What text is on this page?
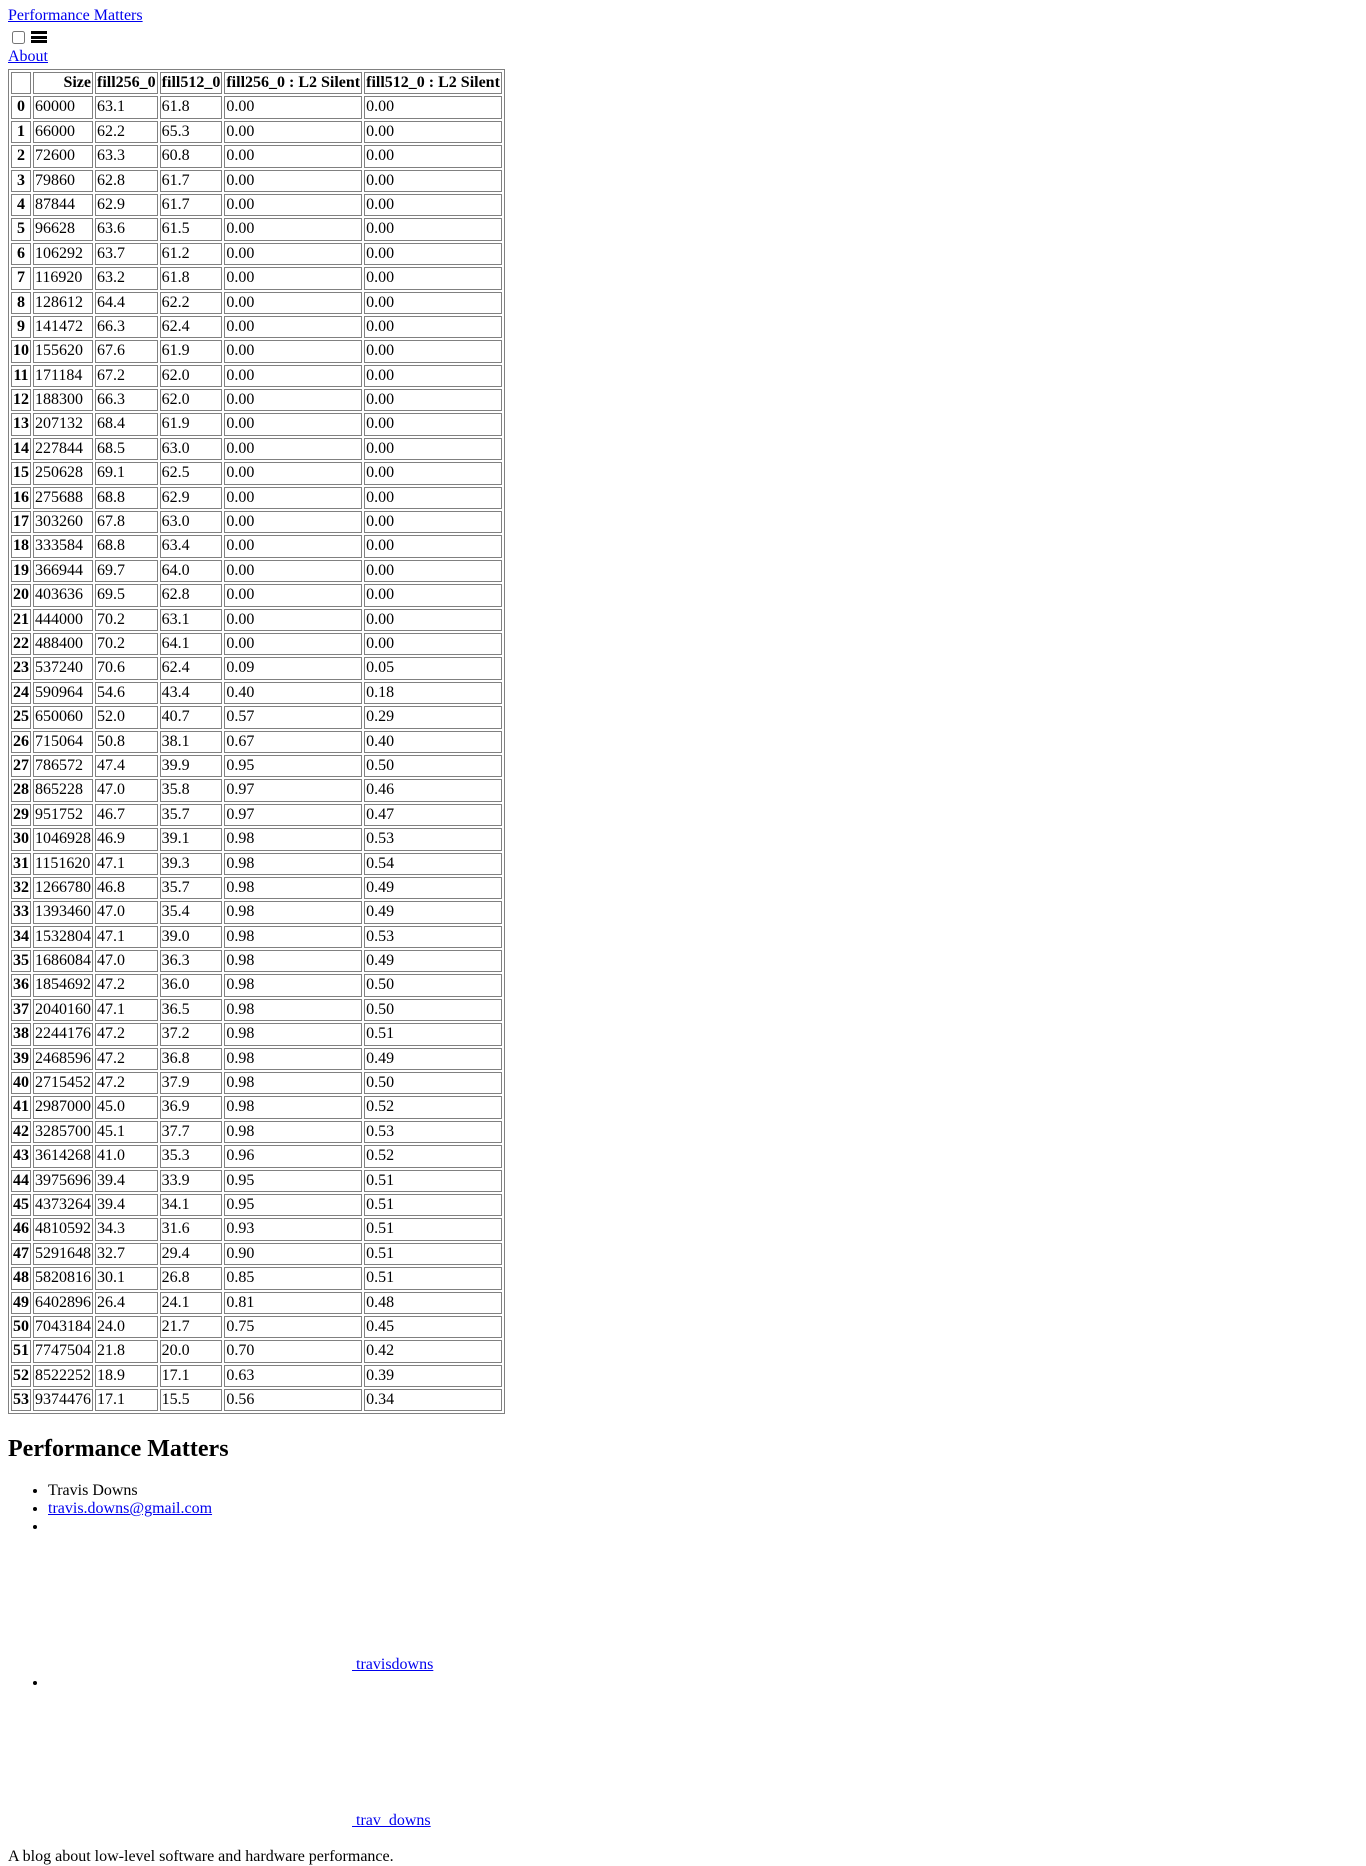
Performance Matters
About
	Size	fill256_0	fill512_0	fill256_0 : L2 Silent	fill512_0 : L2 Silent
0	60000	63.1	61.8	0.00	0.00
1	66000	62.2	65.3	0.00	0.00
2	72600	63.3	60.8	0.00	0.00
3	79860	62.8	61.7	0.00	0.00
4	87844	62.9	61.7	0.00	0.00
5	96628	63.6	61.5	0.00	0.00
6	106292	63.7	61.2	0.00	0.00
7	116920	63.2	61.8	0.00	0.00
8	128612	64.4	62.2	0.00	0.00
9	141472	66.3	62.4	0.00	0.00
10	155620	67.6	61.9	0.00	0.00
11	171184	67.2	62.0	0.00	0.00
12	188300	66.3	62.0	0.00	0.00
13	207132	68.4	61.9	0.00	0.00
14	227844	68.5	63.0	0.00	0.00
15	250628	69.1	62.5	0.00	0.00
16	275688	68.8	62.9	0.00	0.00
17	303260	67.8	63.0	0.00	0.00
18	333584	68.8	63.4	0.00	0.00
19	366944	69.7	64.0	0.00	0.00
20	403636	69.5	62.8	0.00	0.00
21	444000	70.2	63.1	0.00	0.00
22	488400	70.2	64.1	0.00	0.00
23	537240	70.6	62.4	0.09	0.05
24	590964	54.6	43.4	0.40	0.18
25	650060	52.0	40.7	0.57	0.29
26	715064	50.8	38.1	0.67	0.40
27	786572	47.4	39.9	0.95	0.50
28	865228	47.0	35.8	0.97	0.46
29	951752	46.7	35.7	0.97	0.47
30	1046928	46.9	39.1	0.98	0.53
31	1151620	47.1	39.3	0.98	0.54
32	1266780	46.8	35.7	0.98	0.49
33	1393460	47.0	35.4	0.98	0.49
34	1532804	47.1	39.0	0.98	0.53
35	1686084	47.0	36.3	0.98	0.49
36	1854692	47.2	36.0	0.98	0.50
37	2040160	47.1	36.5	0.98	0.50
38	2244176	47.2	37.2	0.98	0.51
39	2468596	47.2	36.8	0.98	0.49
40	2715452	47.2	37.9	0.98	0.50
41	2987000	45.0	36.9	0.98	0.52
42	3285700	45.1	37.7	0.98	0.53
43	3614268	41.0	35.3	0.96	0.52
44	3975696	39.4	33.9	0.95	0.51
45	4373264	39.4	34.1	0.95	0.51
46	4810592	34.3	31.6	0.93	0.51
47	5291648	32.7	29.4	0.90	0.51
48	5820816	30.1	26.8	0.85	0.51
49	6402896	26.4	24.1	0.81	0.48
50	7043184	24.0	21.7	0.75	0.45
51	7747504	21.8	20.0	0.70	0.42
52	8522252	18.9	17.1	0.63	0.39
53	9374476	17.1	15.5	0.56	0.34
Performance Matters
• Travis Downs
• travis.downs@gmail.com
• travisdowns
• trav_downs

A blog about low-level software and hardware performance.
